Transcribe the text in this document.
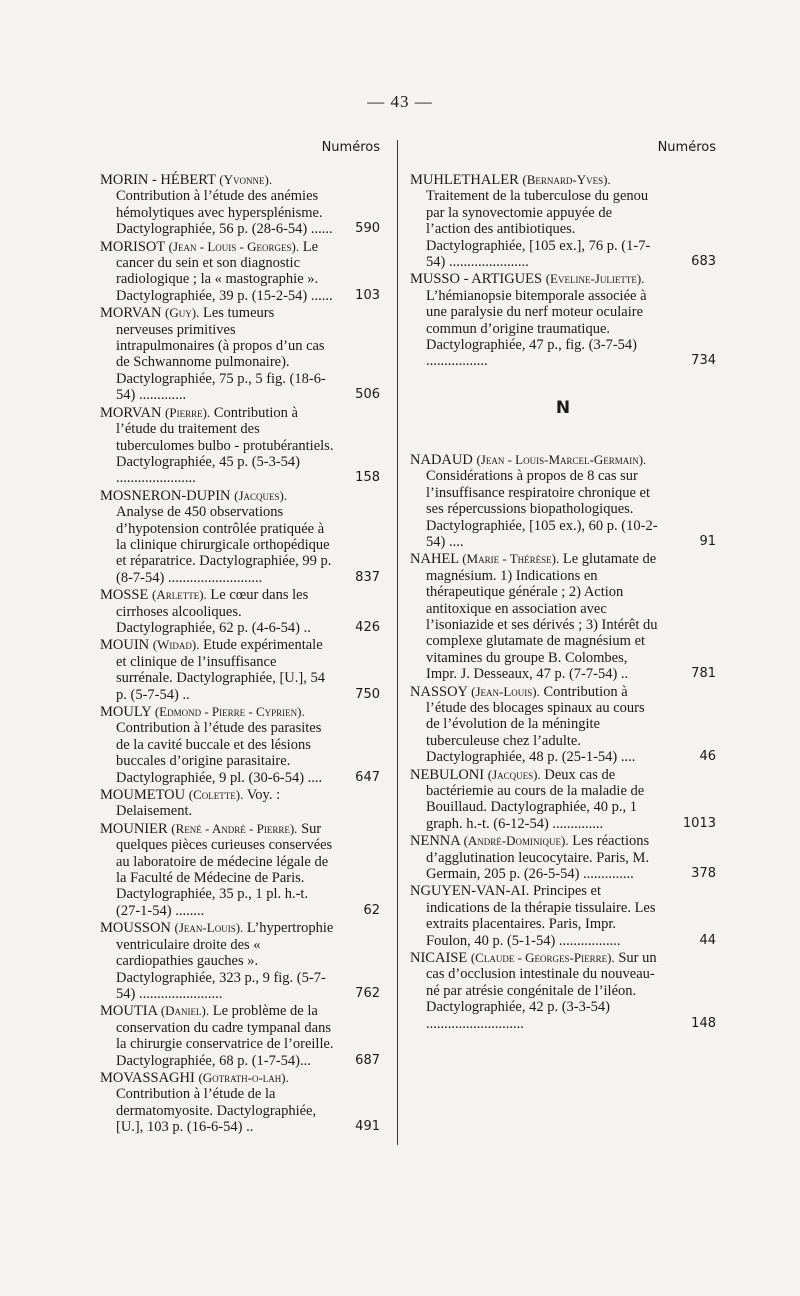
— 43 —
Numéros
MORIN - HÉBERT (Yvonne). Contribution à l’étude des anémies hémolytiques avec hypersplénisme. Dactylographiée, 56 p. (28-6-54) ...... 590
MORISOT (Jean - Louis - Georges). Le cancer du sein et son diagnostic radiologique ; la « mastographie ». Dactylographiée, 39 p. (15-2-54) ...... 103
MORVAN (Guy). Les tumeurs nerveuses primitives intrapulmonaires (à propos d’un cas de Schwannome pulmonaire). Dactylographiée, 75 p., 5 fig. (18-6-54) .............	506
MORVAN (Pierre). Contribution à l’étude du traitement des tuberculomes bulbo - protubérantiels. Dactylographiée, 45 p. (5-3-54) ......................	158
MOSNERON-DUPIN (Jacques). Analyse de 450 observations d’hypotension contrôlée pratiquée à la clinique chirurgicale orthopédique et réparatrice. Dactylographiée, 99 p. (8-7-54) ..........................	837
MOSSE (Arlette). Le cœur dans les cirrhoses alcooliques. Dactylographiée, 62 p. (4-6-54) ..	426
MOUIN (Widad). Etude expérimentale et clinique de l’insuffisance surrénale. Dactylographiée, [U.], 54 p. (5-7-54) ..	750
MOULY (Edmond - Pierre - Cyprien). Contribution à l’étude des parasites de la cavité buccale et des lésions buccales d’origine parasitaire. Dactylographiée, 9 pl. (30-6-54) ....	647
MOUMETOU (Colette). Voy. : Delaisement.
MOUNIER (René - André - Pierre). Sur quelques pièces curieuses conservées au laboratoire de médecine légale de la Faculté de Médecine de Paris. Dactylographiée, 35 p., 1 pl. h.-t. (27-1-54) ........	62
MOUSSON (Jean-Louis). L’hypertrophie ventriculaire droite des « cardiopathies gauches ». Dactylographiée, 323 p., 9 fig. (5-7-54) .......................	762
MOUTIA (Daniel). Le problème de la conservation du cadre tympanal dans la chirurgie conservatrice de l’oreille. Dactylographiée, 68 p. (1-7-54)...	687
MOVASSAGHI (Gotrath-o-lah). Contribution à l’étude de la dermatomyosite. Dactylographiée, [U.], 103 p. (16-6-54) ..	491
Numéros
MUHLETHALER (Bernard-Yves). Traitement de la tuberculose du genou par la synovectomie appuyée de l’action des antibiotiques. Dactylographiée, [105 ex.], 76 p. (1-7-54) ......................	683
MUSSO - ARTIGUES (Eveline-Juliette). L’hémianopsie bitemporale associée à une paralysie du nerf moteur oculaire commun d’origine traumatique. Dactylographiée, 47 p., fig. (3-7-54) .................	734
N
NADAUD (Jean - Louis-Marcel-Germain). Considérations à propos de 8 cas sur l’insuffisance respiratoire chronique et ses répercussions biopathologiques. Dactylographiée, [105 ex.), 60 p. (10-2-54) ....	91
NAHEL (Marie - Thérèse). Le glutamate de magnésium. 1) Indications en thérapeutique générale ; 2) Action antitoxique en association avec l’isoniazide et ses dérivés ; 3) Intérêt du complexe glutamate de magnésium et vitamines du groupe B. Colombes, Impr. J. Desseaux, 47 p. (7-7-54) ..	781
NASSOY (Jean-Louis). Contribution à l’étude des blocages spinaux au cours de l’évolution de la méningite tuberculeuse chez l’adulte. Dactylographiée, 48 p. (25-1-54) ....	46
NEBULONI (Jacques). Deux cas de bactériemie au cours de la maladie de Bouillaud. Dactylographiée, 40 p., 1 graph. h.-t. (6-12-54) ..............	1013
NENNA (André-Dominique). Les réactions d’agglutination leucocytaire. Paris, M. Germain, 205 p. (26-5-54) ..............	378
NGUYEN-VAN-AI. Principes et indications de la thérapie tissulaire. Les extraits placentaires. Paris, Impr. Foulon, 40 p. (5-1-54) .................	44
NICAISE (Claude - Georges-Pierre). Sur un cas d’occlusion intestinale du nouveau-né par atrésie congénitale de l’iléon. Dactylographiée, 42 p. (3-3-54) ...........................	148
